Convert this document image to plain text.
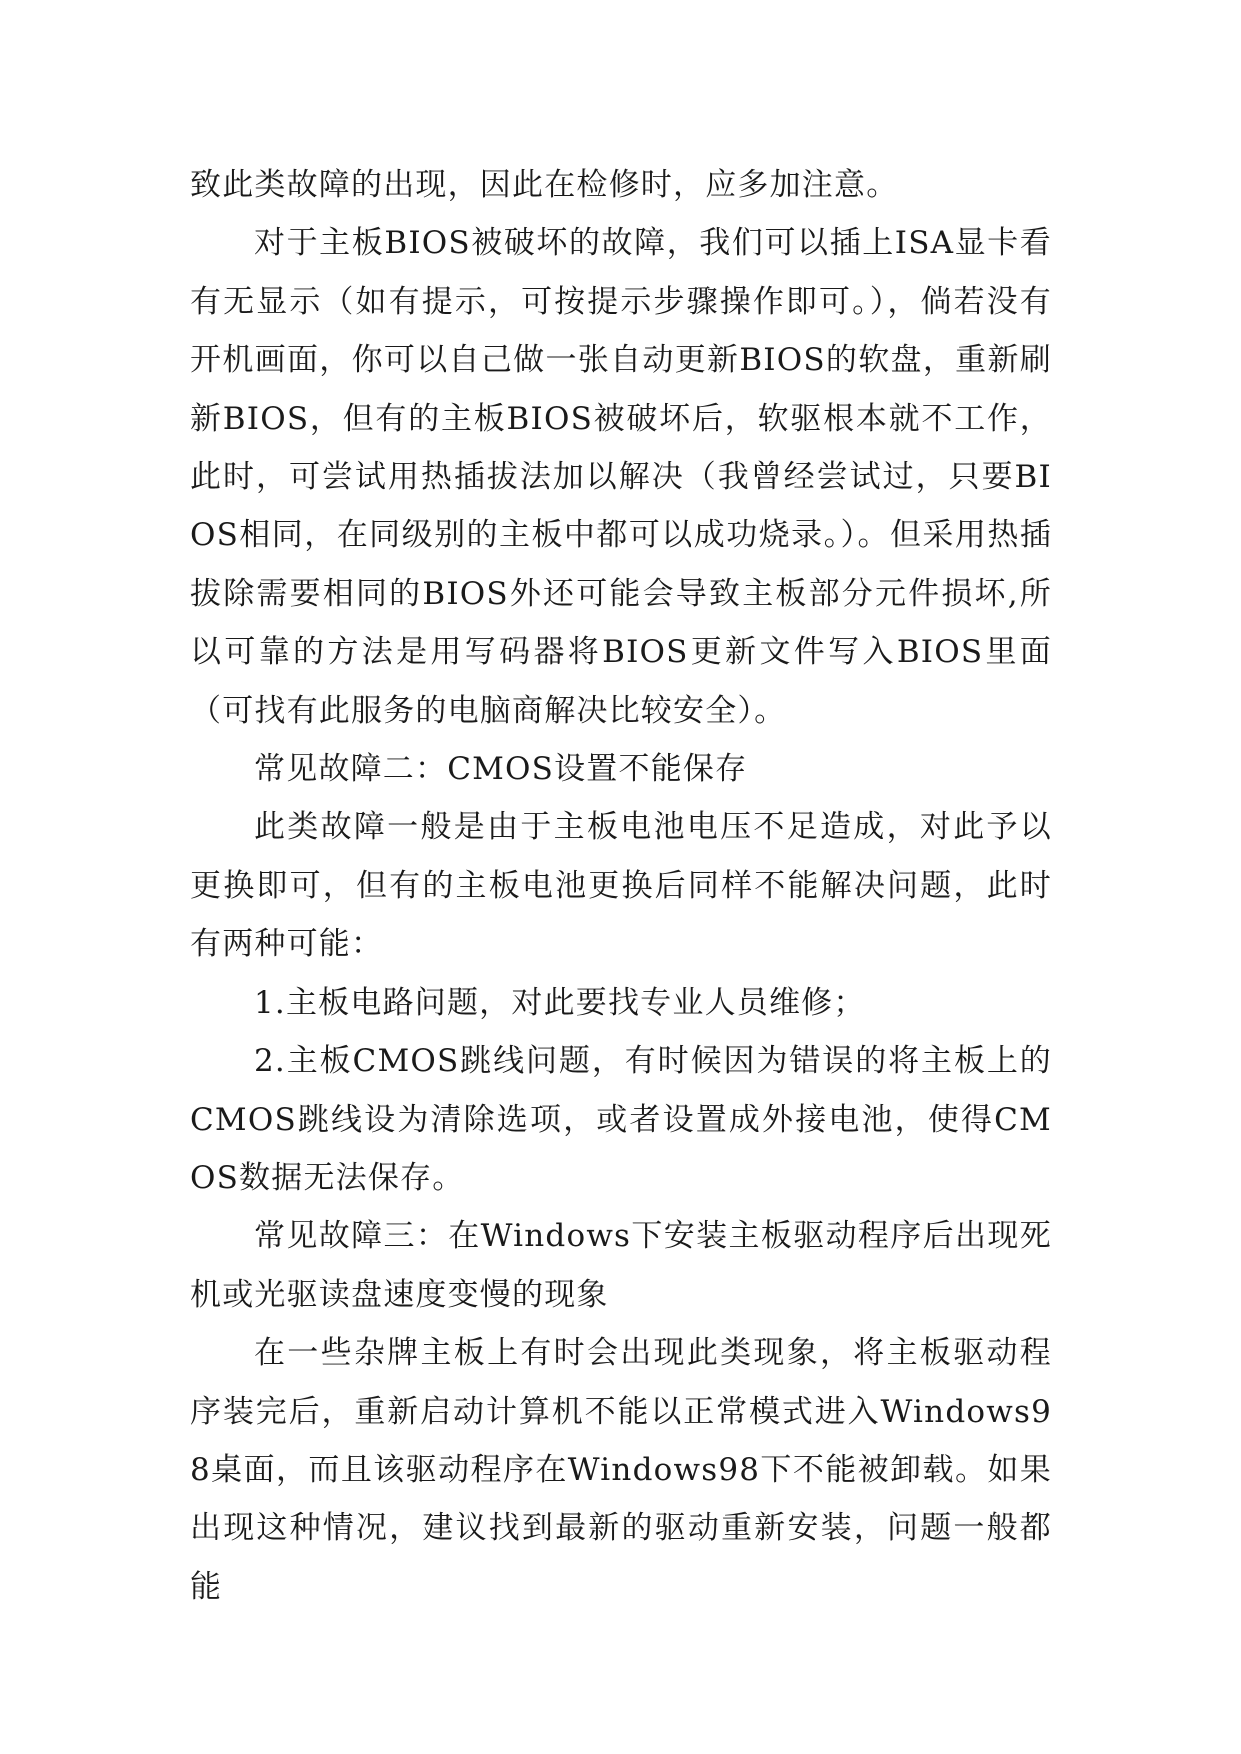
致此类故障的出现，因此在检修时，应多加注意。

对于主板BIOS被破坏的故障，我们可以插上ISA显卡看有无显示（如有提示，可按提示步骤操作即可。），倘若没有开机画面，你可以自己做一张自动更新BIOS的软盘，重新刷新BIOS，但有的主板BIOS被破坏后，软驱根本就不工作，此时，可尝试用热插拔法加以解决（我曾经尝试过，只要BIOS相同，在同级别的主板中都可以成功烧录。）。但采用热插拔除需要相同的BIOS外还可能会导致主板部分元件损坏,所以可靠的方法是用写码器将BIOS更新文件写入BIOS里面（可找有此服务的电脑商解决比较安全）。

常见故障二：CMOS设置不能保存

此类故障一般是由于主板电池电压不足造成，对此予以更换即可，但有的主板电池更换后同样不能解决问题，此时有两种可能：

1.主板电路问题，对此要找专业人员维修；

2.主板CMOS跳线问题，有时候因为错误的将主板上的CMOS跳线设为清除选项，或者设置成外接电池，使得CMOS数据无法保存。

常见故障三：在Windows下安装主板驱动程序后出现死机或光驱读盘速度变慢的现象

在一些杂牌主板上有时会出现此类现象，将主板驱动程序装完后，重新启动计算机不能以正常模式进入Windows98桌面，而且该驱动程序在Windows98下不能被卸载。如果出现这种情况，建议找到最新的驱动重新安装，问题一般都能
